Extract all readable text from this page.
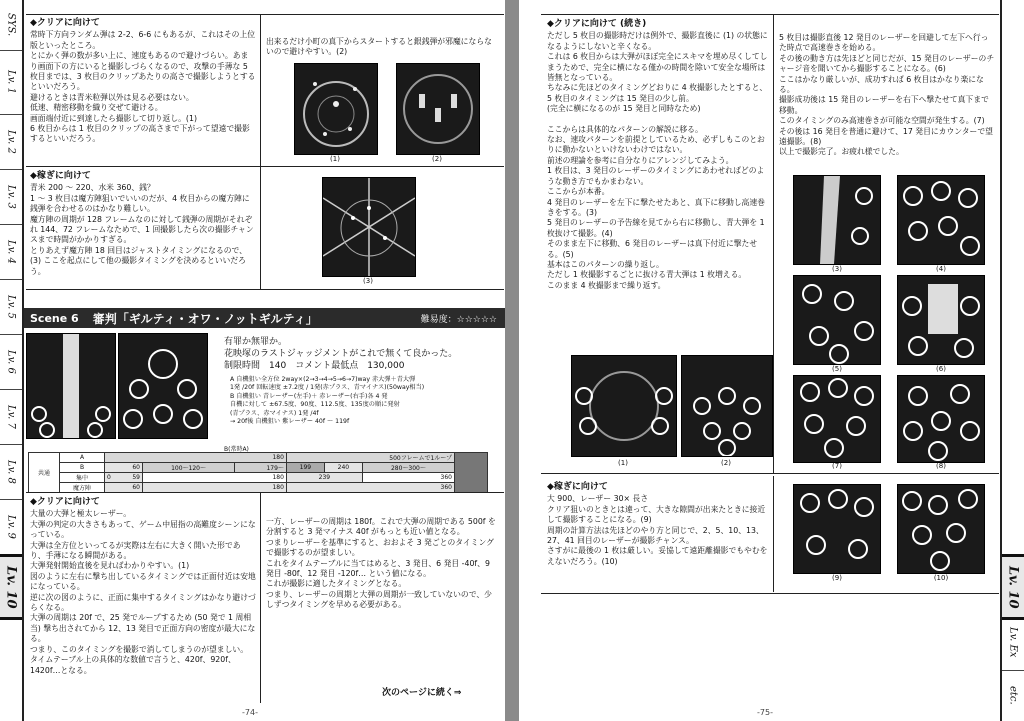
SYS.
Lv. 1
Lv. 2
Lv. 3
Lv. 4
Lv. 5
Lv. 6
Lv. 7
Lv. 8
Lv. 9
Lv. 10
◆クリアに向けて

常時下方向ランダム弾は 2-2、6-6 にもあるが、これはその上位版といったところ。

とにかく弾の数が多い上に、速度もあるので避けづらい。あまり画面下の方にいると撮影しづらくなるので、攻撃の手薄な 5 枚目までは、3 枚目のクリップあたりの高さで撮影しようとするといいだろう。

避けるときは青米粒弾以外は見る必要はない。

低速、精密移動を織り交ぜて避ける。

画面端付近に到達したら撮影して切り返し。(1)

6 枚目からは 1 枚目のクリップの高さまで下がって望遠で撮影するといいだろう。

出来るだけ小町の真下からスタートすると銀銭弾が邪魔にならないので避けやすい。(2)
(1)	(2)
◆稼ぎに向けて

青米 200 ～ 220、水米 360、銭？

1 ～ 3 枚目は魔方陣狙いでいいのだが、4 枚目からの魔方陣に銭弾を合わせるのはかなり難しい。

魔方陣の周期が 128 フレームなのに対して銭弾の周期がそれぞれ 144、72 フレームなためで、1 回撮影したら次の撮影チャンスまで時間がかかりすぎる。

とりあえず魔方陣 18 回目はジャストタイミングになるので、(3) ここを起点にして他の撮影タイミングを決めるといいだろう。

(3)
Scene 6 審判「ギルティ・オワ・ノットギルティ」	難易度：☆☆☆☆☆

有罪か無罪か。

花映塚のラストジャッジメントがこれで無くて良かった。

制限時間　140　 コメント最低点　130,000

A 自機狙い全方位 2way×(2→3→4→5→6→7)way 赤大弾＋青大弾

1発 /20f 回転速度 ±7.2度 / 1発(赤プラス、青マイナス)(50way相当)

B 自機狙い 青レーザー(左手)＋ 赤レーザー(右手)各 4 発

自機に対して ±67.5度、90度、112.5度、135度の順に発射

(青プラス、赤マイナス) 1発 /4f

→ 20f後 自機狙い 紫レーザー 40f ～ 119f

B(常時A)
共通	A	180			500フレームで1ループ			
	B	60	100～120～	179～	199	240	280～300～	
	集中	0 59	180		239		360	
	魔方陣	60	180		360			
◆クリアに向けて

大量の大弾と極太レーザー。

大弾の判定の大きさもあって、ゲーム中屈指の高難度シーンになっている。

大弾は全方位といってるが実際は左右に大きく開いた形であり、手薄になる瞬間がある。

大弾発射開始直後を見ればわかりやすい。(1)

図のように左右に撃ち出しているタイミングでは正面付近は安地になっている。

逆に次の図のように、正面に集中するタイミングはかなり避けづらくなる。

大弾の周期は 20f で、25 発でループするため (50 発で 1 周相当) 撃ち出されてから 12、13 発目で正面方向の密度が最大になる。

つまり、このタイミングを撮影で消してしまうのが望ましい。

タイムテーブル上の具体的な数値で言うと、420f、920f、1420f…となる。

一方、レーザーの周期は 180f。これで大弾の周期である 500f を分割すると 3 発マイナス 40f がもっとも近い値となる。

つまりレーザーを基準にすると、おおよそ 3 発ごとのタイミングで撮影するのが望ましい。

これをタイムテーブルに当てはめると、3 発目、6 発目 -40f、9 発目 -80f、12 発目 -120f… という値になる。

これが撮影に適したタイミングとなる。

つまり、レーザーの周期と大弾の周期が一致していないので、少しずつタイミングを早める必要がある。

次のページに続く⇒
-74-
Lv. 10
Lv. Ex
etc.
◆クリアに向けて (続き)

ただし 5 枚目の撮影時だけは例外で、撮影直後に (1) の状態になるようにしないと辛くなる。

これは 6 枚目からは大弾がほぼ完全にスキマを埋め尽くしてしまうためで、完全に横になる僅かの時間を除いて安全な場所は皆無となっている。

ちなみに先ほどのタイミングどおりに 4 枚撮影したとすると、5 枚目のタイミングは 15 発目の少し前。

(完全に横になるのが 15 発目と同時なため)

ここからは具体的なパターンの解説に移る。

なお、速攻パターンを前提としているため、必ずしもこのとおりに動かないといけないわけではない。

前述の理論を参考に自分なりにアレンジしてみよう。

1 枚目は、3 発目のレーザーのタイミングにあわせればどのような動き方でもかまわない。

ここからが本番。

4 発目のレーザーを左下に撃たせたあと、真下に移動し高速巻きをする。(3)

5 発目のレーザーの予告線を見てから右に移動し、青大弾を 1 枚抜けて撮影。(4)

そのまま左下に移動、6 発目のレーザーは真下付近に撃たせる。(5)

基本はこのパターンの繰り返し。

ただし 1 枚撮影するごとに抜ける青大弾は 1 枚増える。

このまま 4 枚撮影まで繰り返す。

5 枚目は撮影直後 12 発目のレーザーを回避して左下へ行った時点で高速巻きを始める。

その後の動き方は先ほどと同じだが、15 発目のレーザーのチャージ音を聞いてから撮影することになる。(6)

ここはかなり厳しいが、成功すれば 6 枚目はかなり楽になる。

撮影成功後は 15 発目のレーザーを右下へ撃たせて真下まで移動。

このタイミングのみ高速巻きが可能な空間が発生する。(7)

その後は 16 発目を普通に避けて、17 発目にカウンターで望遠撮影。(8)

以上で撮影完了。お疲れ様でした。

(1)	(2)
(3)	(4)
(5)	(6)
(7)	(8)
◆稼ぎに向けて

大 900、レーザー 30× 長さ

クリア狙いのときとは違って、大きな隙間が出来たときに接近して撮影することになる。(9)

周期の計算方法は先ほどのやり方と同じで、2、5、10、13、27、41 回目のレーザーが撮影チャンス。

さすがに最後の 1 枚は厳しい。妥協して遠距離撮影でもやむをえないだろう。(10)

(9)	(10)
-75-
